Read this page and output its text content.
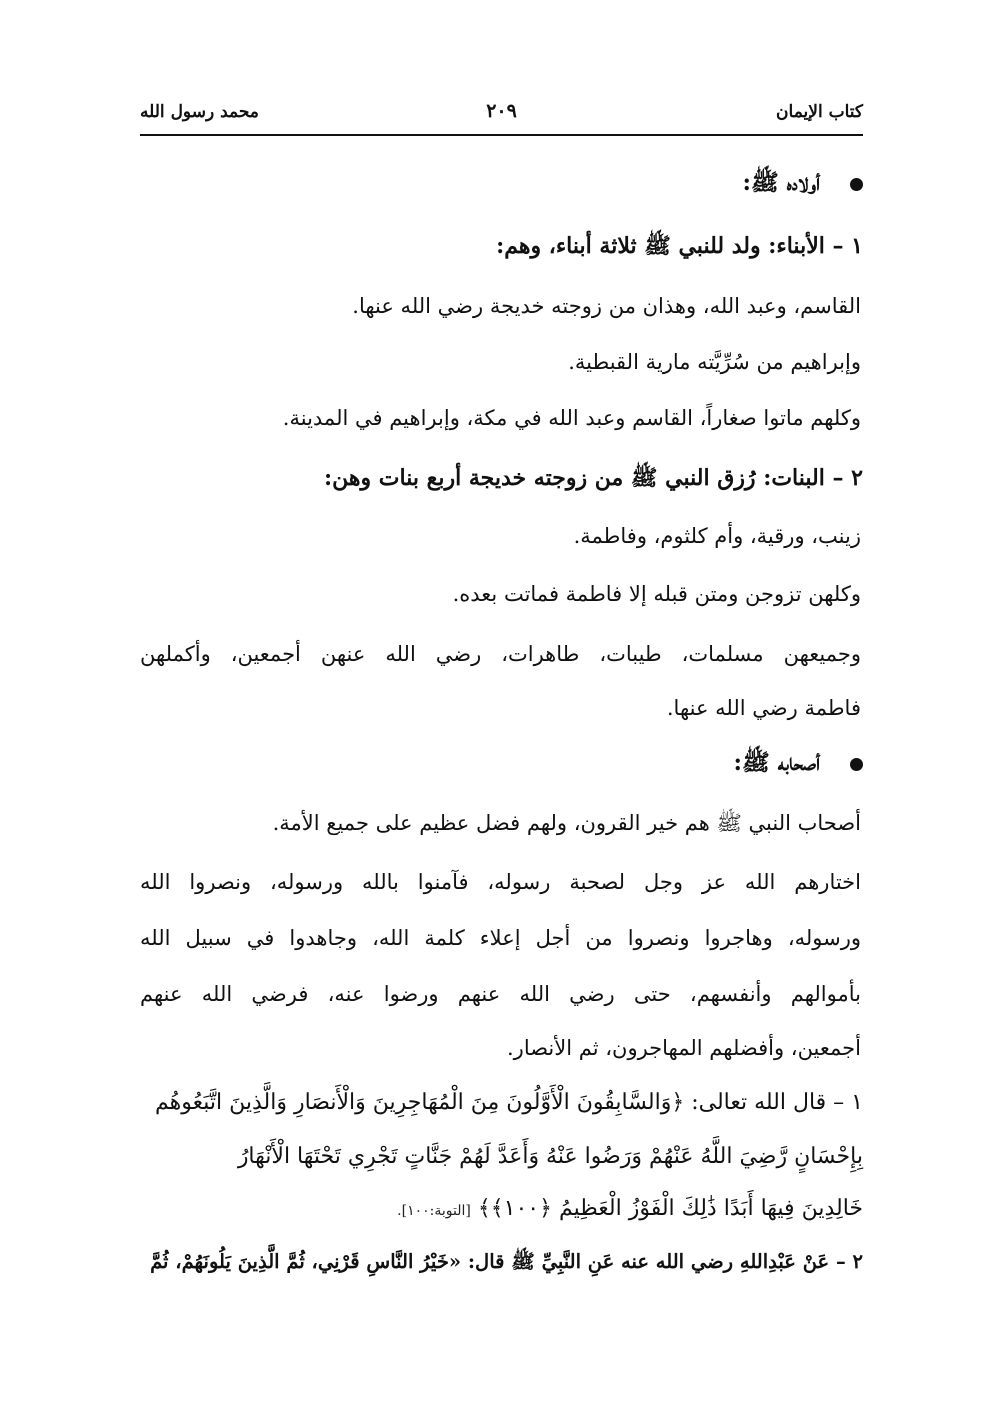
كتاب الإيمان
٢٠٩
محمد رسول الله
أولاده ﷺ:
١ – الأبناء: ولد للنبي ﷺ ثلاثة أبناء، وهم:
القاسم، وعبد الله، وهذان من زوجته خديجة رضي الله عنها.
وإبراهيم من سُرِّيَّته مارية القبطية.
وكلهم ماتوا صغاراً، القاسم وعبد الله في مكة، وإبراهيم في المدينة.
٢ – البنات: رُزق النبي ﷺ من زوجته خديجة أربع بنات وهن:
زينب، ورقية، وأم كلثوم، وفاطمة.
وكلهن تزوجن ومتن قبله إلا فاطمة فماتت بعده.
وجميعهن مسلمات، طيبات، طاهرات، رضي الله عنهن أجمعين، وأكملهن
فاطمة رضي الله عنها.
أصحابه ﷺ:
أصحاب النبي ﷺ هم خير القرون، ولهم فضل عظيم على جميع الأمة.
اختارهم الله عز وجل لصحبة رسوله، فآمنوا بالله ورسوله، ونصروا الله
ورسوله، وهاجروا ونصروا من أجل إعلاء كلمة الله، وجاهدوا في سبيل الله
بأموالهم وأنفسهم، حتى رضي الله عنهم ورضوا عنه، فرضي الله عنهم
أجمعين، وأفضلهم المهاجرون، ثم الأنصار.
١ – قال الله تعالى: ﴿وَالسَّابِقُونَ الْأَوَّلُونَ مِنَ الْمُهَاجِرِينَ وَالْأَنصَارِ وَالَّذِينَ اتَّبَعُوهُم
بِإِحْسَانٍ رَّضِيَ اللَّهُ عَنْهُمْ وَرَضُوا عَنْهُ وَأَعَدَّ لَهُمْ جَنَّاتٍ تَجْرِي تَحْتَهَا الْأَنْهَارُ
خَالِدِينَ فِيهَا أَبَدًا ذَٰلِكَ الْفَوْزُ الْعَظِيمُ ﴿١٠٠﴾﴾ [التوبة:١٠٠].
٢ – عَنْ عَبْدِاللهِ رضي الله عنه عَنِ النَّبِيِّ ﷺ قال: «خَيْرُ النَّاسِ قَرْنِي، ثُمَّ الَّذِينَ يَلُونَهُمْ، ثُمَّ
